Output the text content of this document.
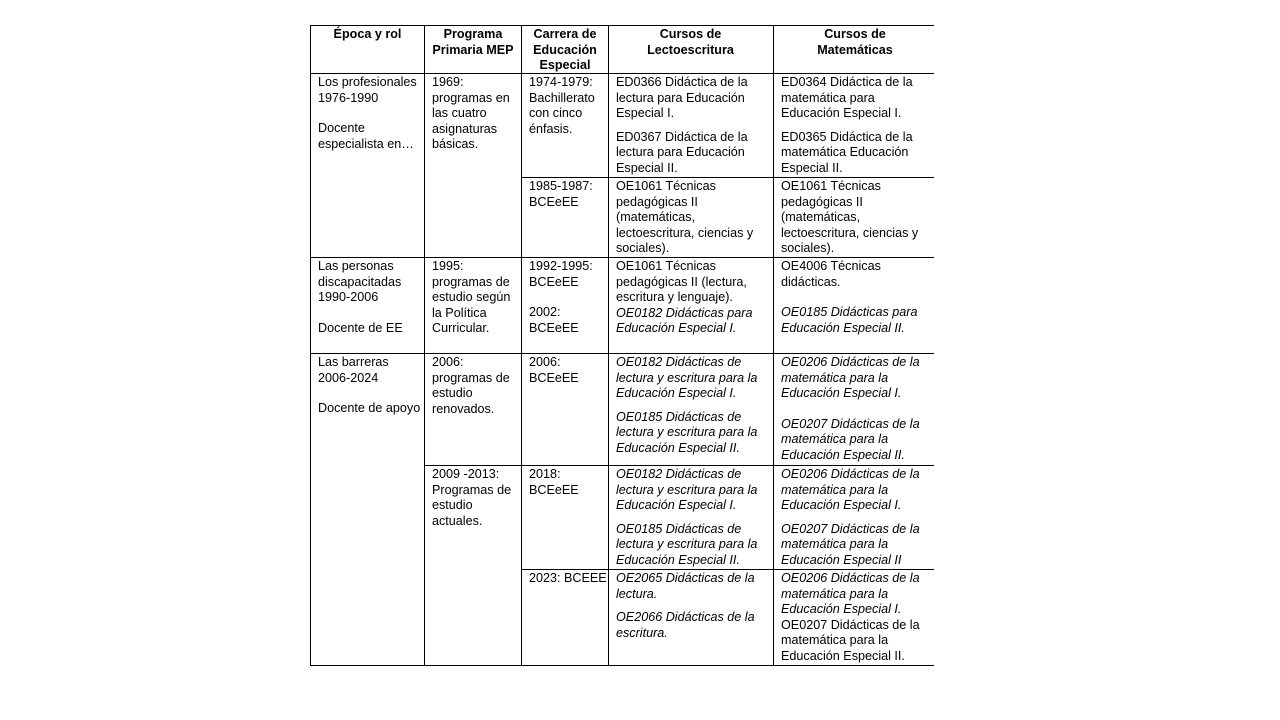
Época y rol	Programa Primaria MEP
Carrera de Educación Especial
Cursos de Lectoescritura
Cursos de Matemáticas

Los profesionales 1976-1990

Docente especialista en…

1969: programas en las cuatro asignaturas básicas.
1974-1979: Bachillerato con cinco énfasis.

ED0366 Didáctica de la lectura para Educación Especial I.

ED0367 Didáctica de la lectura para Educación Especial II.

ED0364 Didáctica de la matemática para Educación Especial I.

ED0365 Didáctica de la matemática Educación Especial II.

1985-1987: BCEeEE
OE1061 Técnicas pedagógicas II (matemáticas, lectoescritura, ciencias y sociales).
OE1061 Técnicas pedagógicas II (matemáticas, lectoescritura, ciencias y sociales).

Las personas discapacitadas 1990-2006

Docente de EE

1995: programas de estudio según la Política Curricular.

1992-1995: BCEeEE

2002: BCEeEE

OE1061 Técnicas pedagógicas II (lectura, escritura y lenguaje).

OE0182 Didácticas para Educación Especial I.

OE4006 Técnicas didácticas.

OE0185 Didácticas para Educación Especial II.

Las barreras 2006-2024

Docente de apoyo

2006: programas de estudio renovados.
2006: BCEeEE

OE0182 Didácticas de lectura y escritura para la Educación Especial I.

OE0185 Didácticas de lectura y escritura para la Educación Especial II.

OE0206 Didácticas de la matemática para la Educación Especial I.

OE0207 Didácticas de la matemática para la Educación Especial II.

2009 -2013: Programas de estudio actuales.
2018: BCEeEE

OE0182 Didácticas de lectura y escritura para la Educación Especial I.

OE0185 Didácticas de lectura y escritura para la Educación Especial II.

OE0206 Didácticas de la matemática para la Educación Especial I.

OE0207 Didácticas de la matemática para la Educación Especial II

2023: BCEEE OE2065 Didácticas de la lectura.

OE2066 Didácticas de la escritura.

OE0206 Didácticas de la matemática para la Educación Especial I.

OE0207 Didácticas de la matemática para la Educación Especial II.
